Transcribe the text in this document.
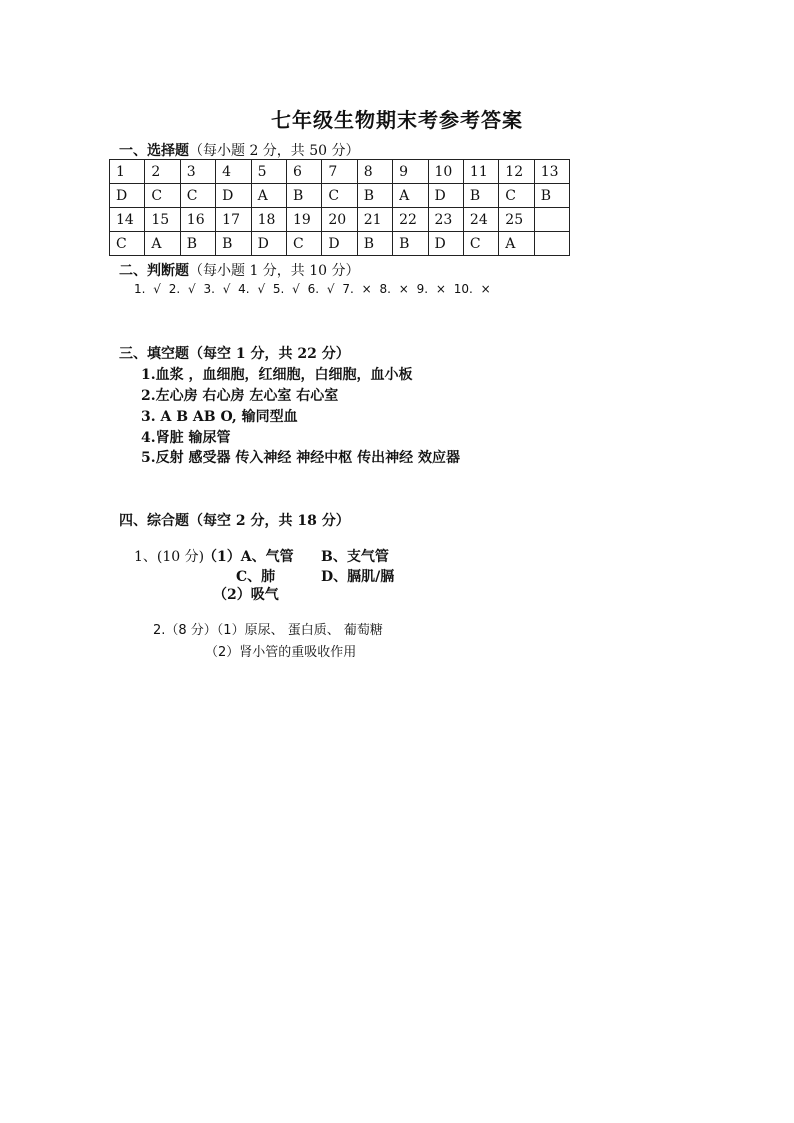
七年级生物期末考参考答案
一、选择题（每小题 2 分，共 50 分）
1	2	3	4	5	6	7	8	9	10	11	12	13
D	C	C	D	A	B	C	B	A	D	B	C	B
14	15	16	17	18	19	20	21	22	23	24	25	
C	A	B	B	D	C	D	B	B	D	C	A	
二、判断题（每小题 1 分，共 10 分）
1. √ 2. √ 3. √ 4. √ 5. √ 6. √ 7. × 8. × 9. × 10. ×
三、填空题（每空 1 分，共 22 分）
1.血浆 ，血细胞，红细胞，白细胞，血小板
2.左心房 右心房 左心室 右心室
3. A B AB O, 输同型血
4.肾脏 输尿管
5.反射 感受器 传入神经 神经中枢 传出神经 效应器
四、综合题（每空 2 分，共 18 分）
1、(10 分)
（1）A、气管 B、支气管
C、肺	D、膈肌/膈
（2）吸气
2.（8 分）（1）原尿、 蛋白质、 葡萄糖
（2）肾小管的重吸收作用
